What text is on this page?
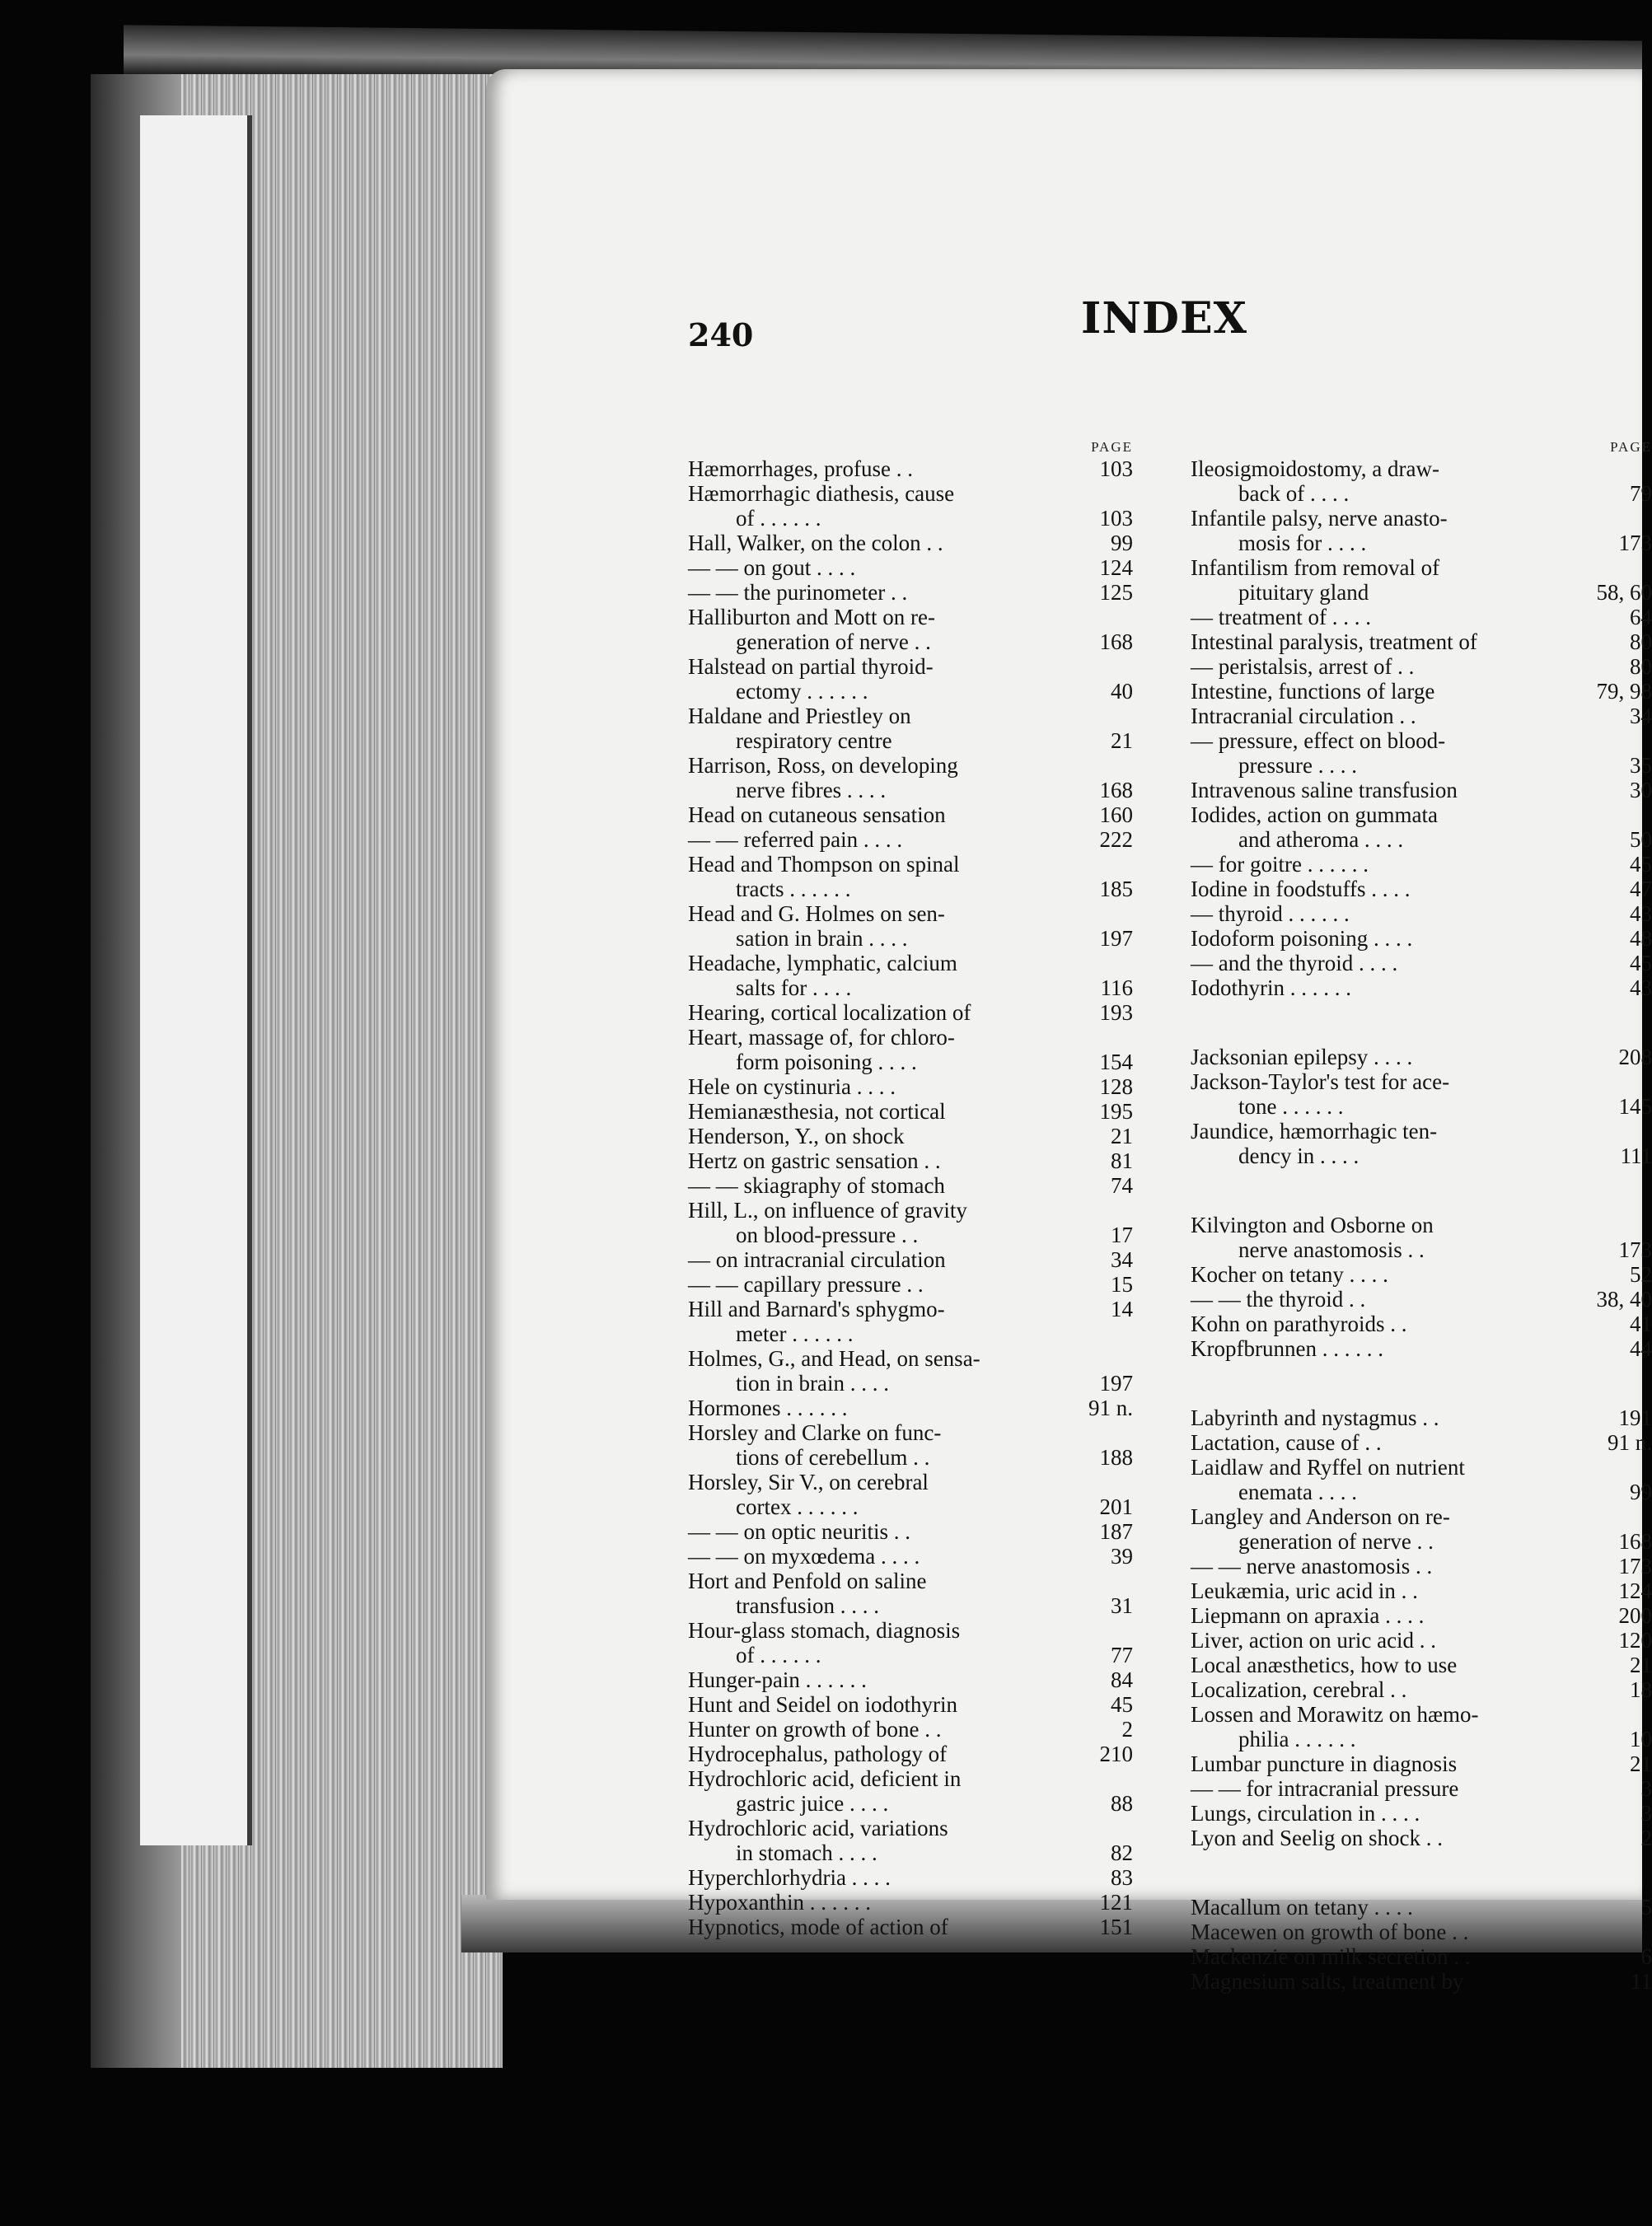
240	INDEX
PAGE
Hæmorrhages, profuse . .	103
Hæmorrhagic diathesis, cause
of . . . . . .	103
Hall, Walker, on the colon . .	99
— — on gout . . . .	124
— — the purinometer . .	125
Halliburton and Mott on re-
generation of nerve . .	168
Halstead on partial thyroid-
ectomy . . . . . .	40
Haldane and Priestley on
respiratory centre	21
Harrison, Ross, on developing
nerve fibres . . . .	168
Head on cutaneous sensation	160
— — referred pain . . . .	222
Head and Thompson on spinal
tracts . . . . . .	185
Head and G. Holmes on sen-
sation in brain . . . .	197
Headache, lymphatic, calcium
salts for . . . .	116
Hearing, cortical localization of	193
Heart, massage of, for chloro-
form poisoning . . . .	154
Hele on cystinuria . . . .	128
Hemianæsthesia, not cortical	195
Henderson, Y., on shock	21
Hertz on gastric sensation . .	81
— — skiagraphy of stomach	74
Hill, L., on influence of gravity
on blood-pressure . .	17
— on intracranial circulation	34
— — capillary pressure . .	15
Hill and Barnard's sphygmo-	14
meter . . . . . .
Holmes, G., and Head, on sensa-
tion in brain . . . .	197
Hormones . . . . . .	91 n.
Horsley and Clarke on func-
tions of cerebellum . .	188
Horsley, Sir V., on cerebral
cortex . . . . . .	201
— — on optic neuritis . .	187
— — on myxœdema . . . .	39
Hort and Penfold on saline
transfusion . . . .	31
Hour-glass stomach, diagnosis
of . . . . . .	77
Hunger-pain . . . . . .	84
Hunt and Seidel on iodothyrin	45
Hunter on growth of bone . .	2
Hydrocephalus, pathology of	210
Hydrochloric acid, deficient in
gastric juice . . . .	88
Hydrochloric acid, variations
in stomach . . . .	82
Hyperchlorhydria . . . .	83
Hypoxanthin . . . . . .	121
Hypnotics, mode of action of	151
PAGE
Ileosigmoidostomy, a draw-
back of . . . .	79
Infantile palsy, nerve anasto-
mosis for . . . .	173
Infantilism from removal of
pituitary gland	58, 60
— treatment of . . . .	64
Intestinal paralysis, treatment of	80
— peristalsis, arrest of . .	80
Intestine, functions of large	79, 98
Intracranial circulation . .	34
— pressure, effect on blood-
pressure . . . .	35
Intravenous saline transfusion	30
Iodides, action on gummata
and atheroma . . . .	50
— for goitre . . . . . .	45
Iodine in foodstuffs . . . .	47
— thyroid . . . . . .	43
Iodoform poisoning . . . .	48
— and the thyroid . . . .	45
Iodothyrin . . . . . .	43
Jacksonian epilepsy . . . .	208
Jackson-Taylor's test for ace-
tone . . . . . .	145
Jaundice, hæmorrhagic ten-
dency in . . . .	111
Kilvington and Osborne on
nerve anastomosis . .	173
Kocher on tetany . . . .	52
— — the thyroid . .	38, 40
Kohn on parathyroids . .	41
Kropfbrunnen . . . . . .	44
Labyrinth and nystagmus . .	191
Lactation, cause of . .	91 n.
Laidlaw and Ryffel on nutrient
enemata . . . .	99
Langley and Anderson on re-
generation of nerve . .	168
— — nerve anastomosis . .	173
Leukæmia, uric acid in . .	124
Liepmann on apraxia . . . .	200
Liver, action on uric acid . .	120
Local anæsthetics, how to use	21
Localization, cerebral . .	18
Lossen and Morawitz on hæmo-
philia . . . . . .	10
Lumbar puncture in diagnosis	21
— — for intracranial pressure	3
Lungs, circulation in . . . .	3
Lyon and Seelig on shock . .	2
Macallum on tetany . . . .	5
Macewen on growth of bone . .
Mackenzie on milk secretion . .	6
Magnesium salts, treatment by	11
